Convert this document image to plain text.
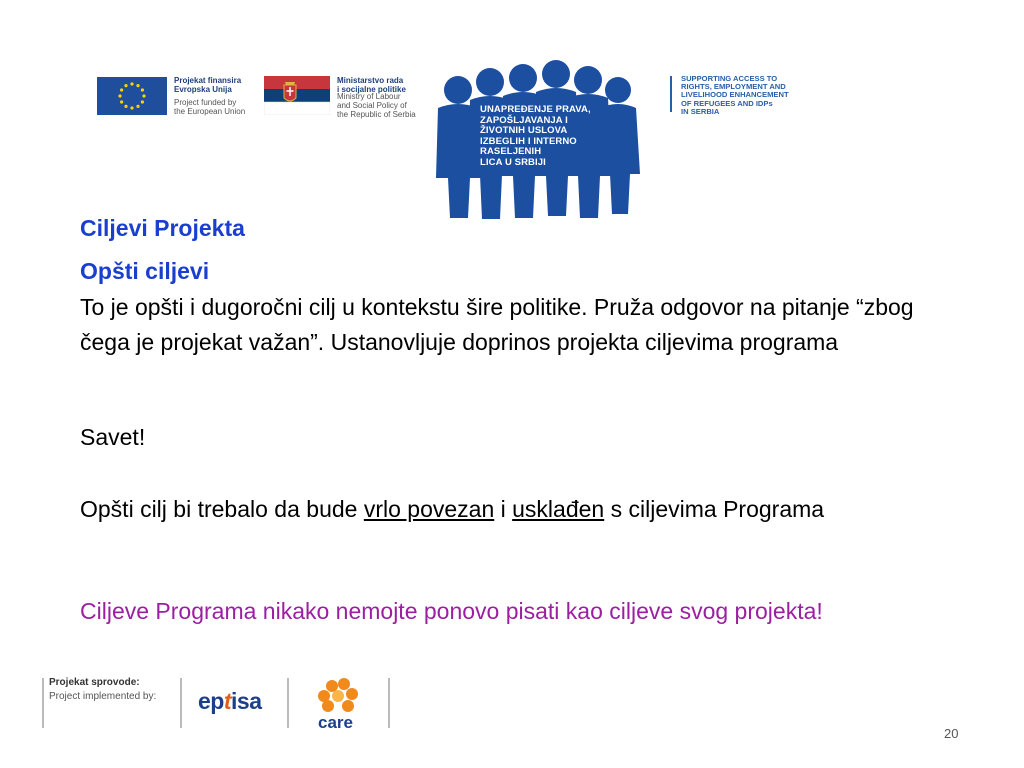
Projekat finansira
Evropska Unija
Project funded by
the European Union
Ministarstvo rada
i socijalne politike
Ministry of Labour
and Social Policy of
the Republic of Serbia	UNAPREĐENJE PRAVA,
ZAPOŠLJAVANJA I
ŽIVOTNIH USLOVA
IZBEGLIH I INTERNO
RASELJENIH
LICA U SRBIJI
SUPPORTING ACCESS TO
RIGHTS, EMPLOYMENT AND
LIVELIHOOD ENHANCEMENT
OF REFUGEES AND IDPs
IN SERBIA
Ciljevi Projekta
Opšti ciljevi
To je opšti i dugoročni cilj u kontekstu šire politike. Pruža odgovor na pitanje “zbog čega je projekat važan”. Ustanovljuje doprinos projekta ciljevima programa
Savet!
Opšti cilj bi trebalo da bude vrlo povezan i usklađen s ciljevima Programa
Ciljeve Programa nikako nemojte ponovo pisati kao ciljeve svog projekta!
Projekat sprovode:
Project implemented by: eptisa
care
20
